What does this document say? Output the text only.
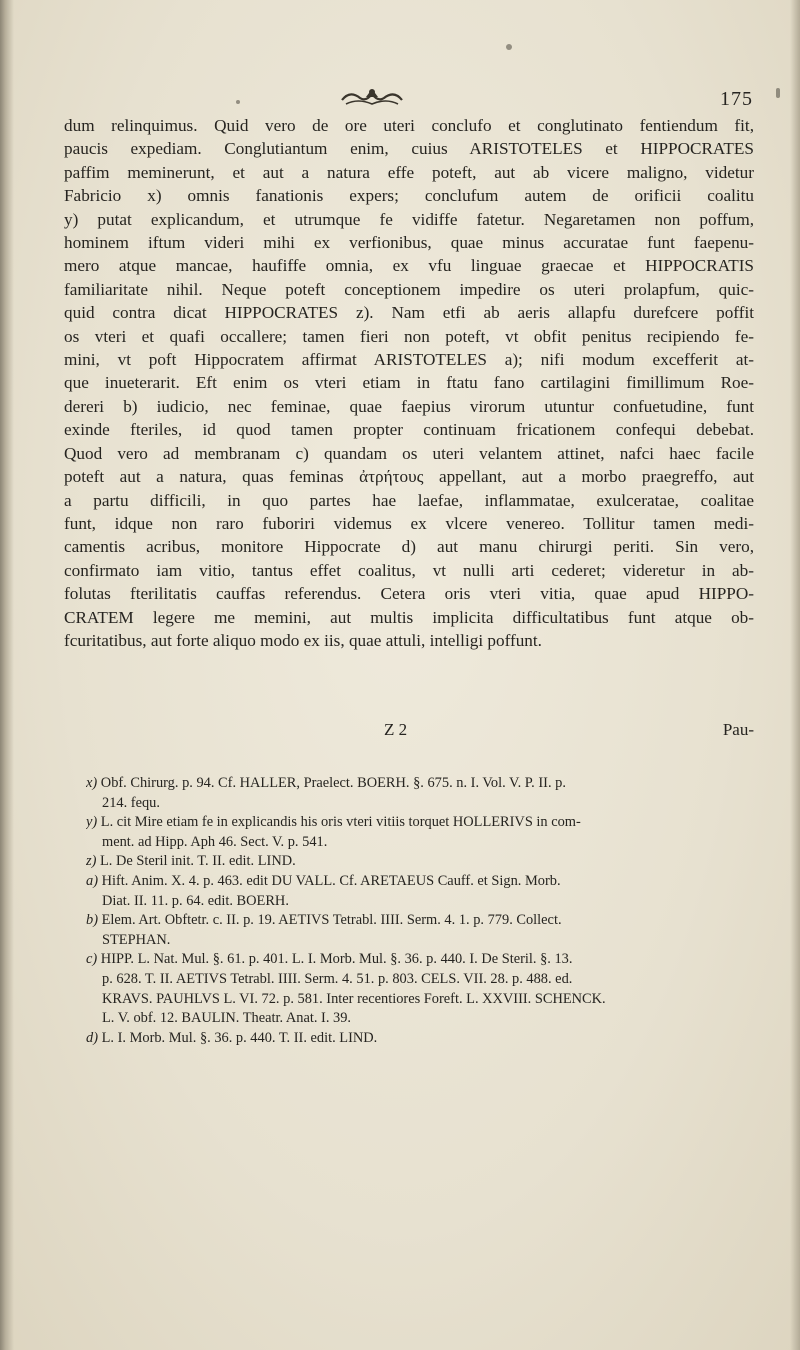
175
dum relinquimus. Quid vero de ore uteri conclufo et conglutinato fentiendum fit,
paucis expediam. Conglutiantum enim, cuius ARISTOTELES et HIPPOCRATES
paffim meminerunt, et aut a natura effe poteft, aut ab vicere maligno, videtur
Fabricio x) omnis fanationis expers; conclufum autem de orificii coalitu
y) putat explicandum, et utrumque fe vidiffe fatetur. Negaretamen non poffum,
hominem iftum videri mihi ex verfionibus, quae minus accuratae funt faepenu-
mero atque mancae, haufiffe omnia, ex vfu linguae graecae et HIPPOCRATIS
familiaritate nihil. Neque poteft conceptionem impedire os uteri prolapfum, quic-
quid contra dicat HIPPOCRATES z). Nam etfi ab aeris allapfu durefcere poffit
os vteri et quafi occallere; tamen fieri non poteft, vt obfit penitus recipiendo fe-
mini, vt poft Hippocratem affirmat ARISTOTELES a); nifi modum excefferit at-
que inueterarit. Eft enim os vteri etiam in ftatu fano cartilagini fimillimum Roe-
dereri b) iudicio, nec feminae, quae faepius virorum utuntur confuetudine, funt
exinde fteriles, id quod tamen propter continuam fricationem confequi debebat.
Quod vero ad membranam c) quandam os uteri velantem attinet, nafci haec facile
poteft aut a natura, quas feminas ἀτρήτους appellant, aut a morbo praegreffo, aut
a partu difficili, in quo partes hae laefae, inflammatae, exulceratae, coalitae
funt, idque non raro fuboriri videmus ex vlcere venereo. Tollitur tamen medi-
camentis acribus, monitore Hippocrate d) aut manu chirurgi periti. Sin vero,
confirmato iam vitio, tantus effet coalitus, vt nulli arti cederet; videretur in ab-
folutas fterilitatis cauffas referendus. Cetera oris vteri vitia, quae apud HIPPO-
CRATEM legere me memini, aut multis implicita difficultatibus funt atque ob-
fcuritatibus, aut forte aliquo modo ex iis, quae attuli, intelligi poffunt.
Z 2	Pau-
x) Obf. Chirurg. p. 94. Cf. HALLER, Praelect. BOERH. §. 675. n. I. Vol. V. P. II. p.
214. fequ.
y) L. cit Mire etiam fe in explicandis his oris vteri vitiis torquet HOLLERIVS in com-
ment. ad Hipp. Aph 46. Sect. V. p. 541.
z) L. De Steril init. T. II. edit. LIND.
a) Hift. Anim. X. 4. p. 463. edit DU VALL. Cf. ARETAEUS Cauff. et Sign. Morb.
Diat. II. 11. p. 64. edit. BOERH.
b) Elem. Art. Obftetr. c. II. p. 19. AETIVS Tetrabl. IIII. Serm. 4. 1. p. 779. Collect.
STEPHAN.
c) HIPP. L. Nat. Mul. §. 61. p. 401. L. I. Morb. Mul. §. 36. p. 440. I. De Steril. §. 13.
p. 628. T. II. AETIVS Tetrabl. IIII. Serm. 4. 51. p. 803. CELS. VII. 28. p. 488. ed.
KRAVS. PAUHLVS L. VI. 72. p. 581. Inter recentiores Foreft. L. XXVIII. SCHENCK.
L. V. obf. 12. BAULIN. Theatr. Anat. I. 39.
d) L. I. Morb. Mul. §. 36. p. 440. T. II. edit. LIND.
